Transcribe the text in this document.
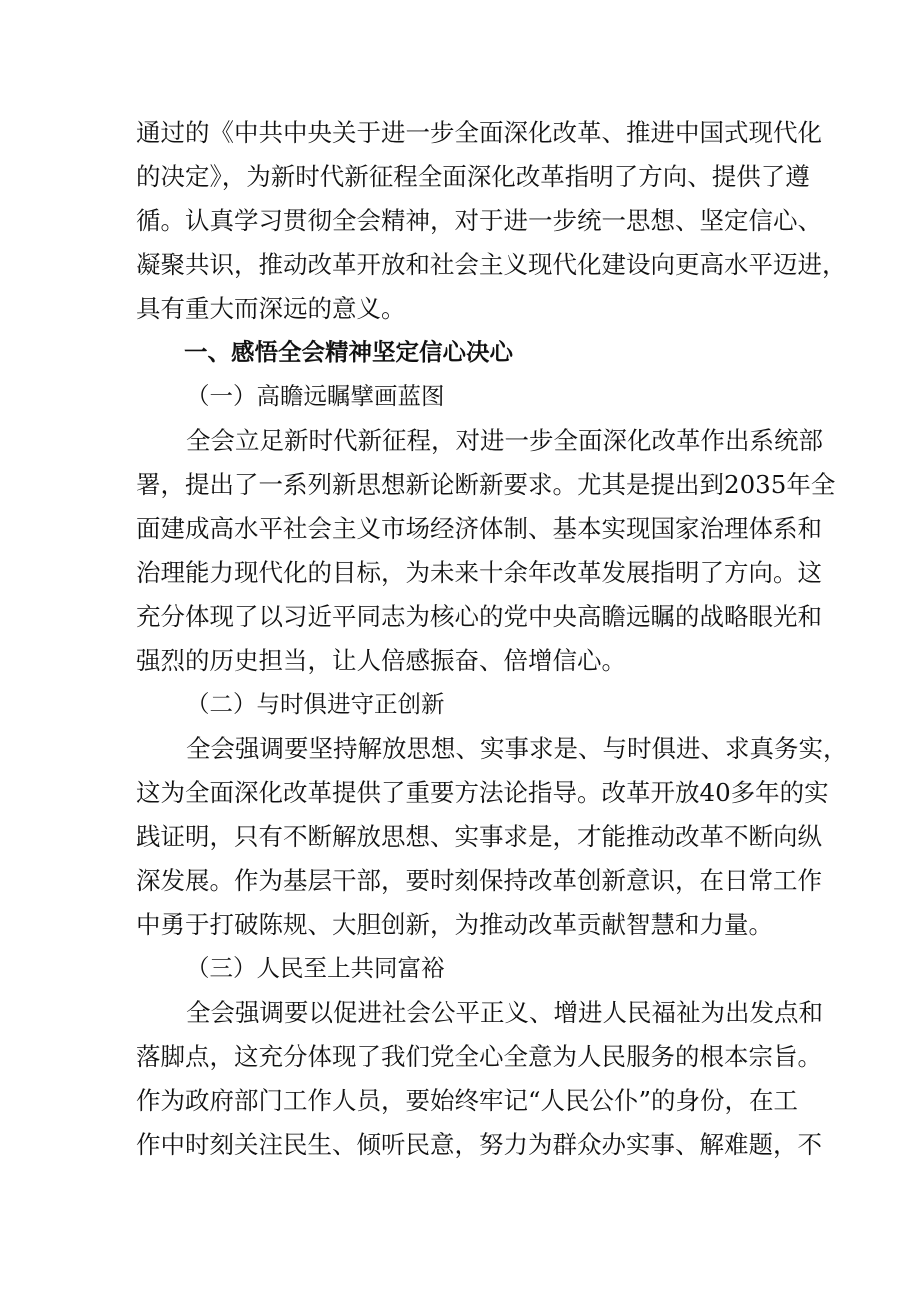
通过的《中共中央关于进一步全面深化改革、推进中国式现代化
的决定》，为新时代新征程全面深化改革指明了方向、提供了遵
循。认真学习贯彻全会精神，对于进一步统一思想、坚定信心、
凝聚共识，推动改革开放和社会主义现代化建设向更高水平迈进，
具有重大而深远的意义。
一、感悟全会精神坚定信心决心
（一）高瞻远瞩擘画蓝图
全会立足新时代新征程，对进一步全面深化改革作出系统部
署，提出了一系列新思想新论断新要求。尤其是提出到2035年全
面建成高水平社会主义市场经济体制、基本实现国家治理体系和
治理能力现代化的目标，为未来十余年改革发展指明了方向。这
充分体现了以习近平同志为核心的党中央高瞻远瞩的战略眼光和
强烈的历史担当，让人倍感振奋、倍增信心。
（二）与时俱进守正创新
全会强调要坚持解放思想、实事求是、与时俱进、求真务实，
这为全面深化改革提供了重要方法论指导。改革开放40多年的实
践证明，只有不断解放思想、实事求是，才能推动改革不断向纵
深发展。作为基层干部，要时刻保持改革创新意识，在日常工作
中勇于打破陈规、大胆创新，为推动改革贡献智慧和力量。
（三）人民至上共同富裕
全会强调要以促进社会公平正义、增进人民福祉为出发点和
落脚点，这充分体现了我们党全心全意为人民服务的根本宗旨。
作为政府部门工作人员，要始终牢记“人民公仆”的身份，在工
作中时刻关注民生、倾听民意，努力为群众办实事、解难题，不
